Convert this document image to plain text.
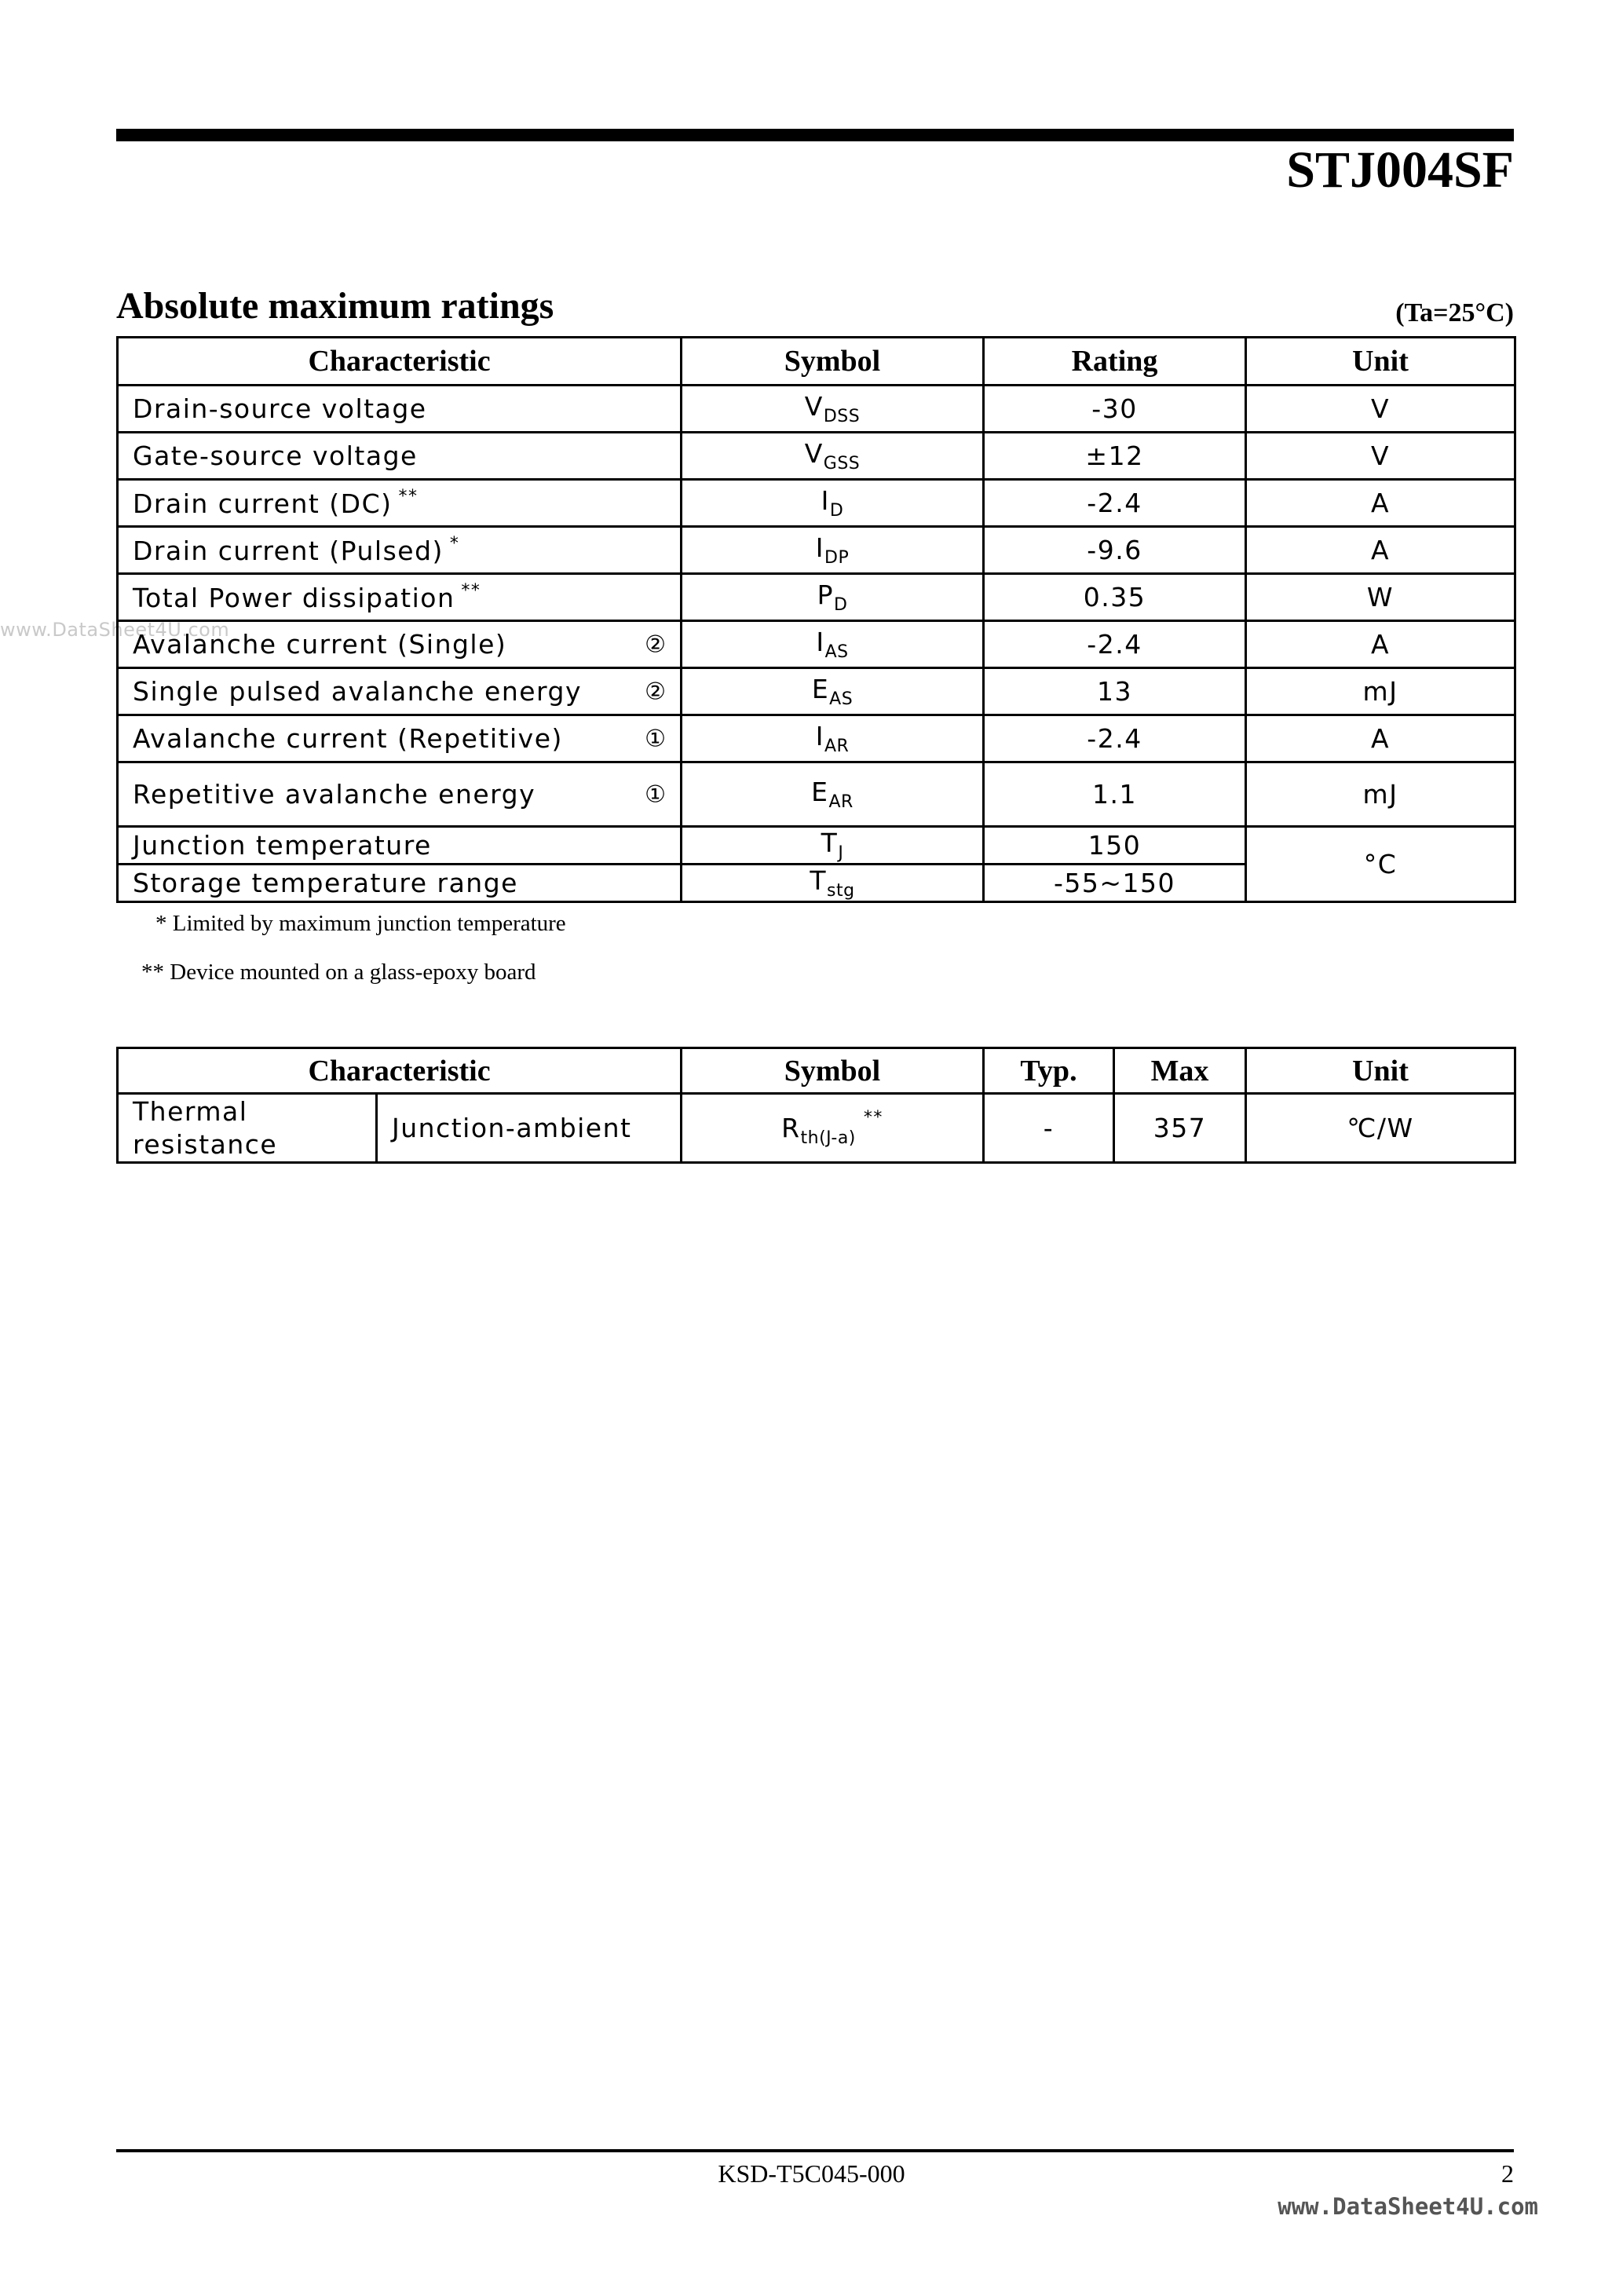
STJ004SF
www.DataSheet4U.com
Absolute maximum ratings	(Ta=25°C)
Characteristic	Symbol	Rating	Unit
Drain-source voltage	$V_{DSS}$	-30	V
Gate-source voltage	$V_{GSS}$	±12	V
Drain current (DC) **	$I_D$	-2.4	A
Drain current (Pulsed) *	$I_{DP}$	-9.6	A
Total Power dissipation **	$P_D$	0.35	W
Avalanche current (Single) ②	$I_{AS}$	-2.4	A
Single pulsed avalanche energy ②	$E_{AS}$	13	mJ
Avalanche current (Repetitive) ①	$I_{AR}$	-2.4	A
Repetitive avalanche energy ①	$E_{AR}$	1.1	mJ
Junction temperature	$T_J$	150	°C
Storage temperature range	$T_{stg}$	-55~150	
* Limited by maximum junction temperature
** Device mounted on a glass-epoxy board
Characteristic		Symbol	Typ.	Max	Unit
Thermal resistance	Junction-ambient	$R_{th(J-a)}^{**}$	-	357	℃/W
KSD-T5C045-000	2
www.DataSheet4U.com
